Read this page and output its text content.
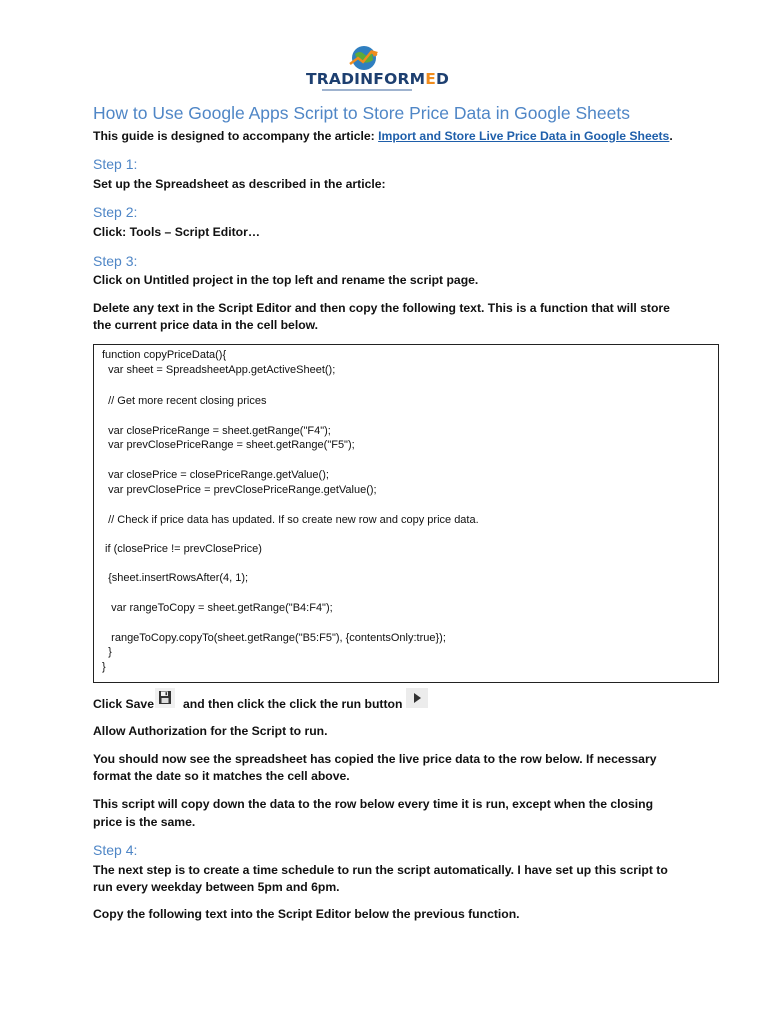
TRADINFORMED
How to Use Google Apps Script to Store Price Data in Google Sheets
This guide is designed to accompany the article: Import and Store Live Price Data in Google Sheets.
Step 1:
Set up the Spreadsheet as described in the article:
Step 2:
Click: Tools – Script Editor…
Step 3:
Click on Untitled project in the top left and rename the script page.
Delete any text in the Script Editor and then copy the following text. This is a function that will store
the current price data in the cell below.
function copyPriceData(){
var sheet = SpreadsheetApp.getActiveSheet();
// Get more recent closing prices
var closePriceRange = sheet.getRange("F4");
var prevClosePriceRange = sheet.getRange("F5");
var closePrice = closePriceRange.getValue();
var prevClosePrice = prevClosePriceRange.getValue();
// Check if price data has updated. If so create new row and copy price data.
if (closePrice != prevClosePrice)
{sheet.insertRowsAfter(4, 1);
var rangeToCopy = sheet.getRange("B4:F4");
rangeToCopy.copyTo(sheet.getRange("B5:F5"), {contentsOnly:true});
}
}
Click Save and then click the click the run button
Allow Authorization for the Script to run.
You should now see the spreadsheet has copied the live price data to the row below. If necessary
format the date so it matches the cell above.
This script will copy down the data to the row below every time it is run, except when the closing
price is the same.
Step 4:
The next step is to create a time schedule to run the script automatically. I have set up this script to
run every weekday between 5pm and 6pm.
Copy the following text into the Script Editor below the previous function.
